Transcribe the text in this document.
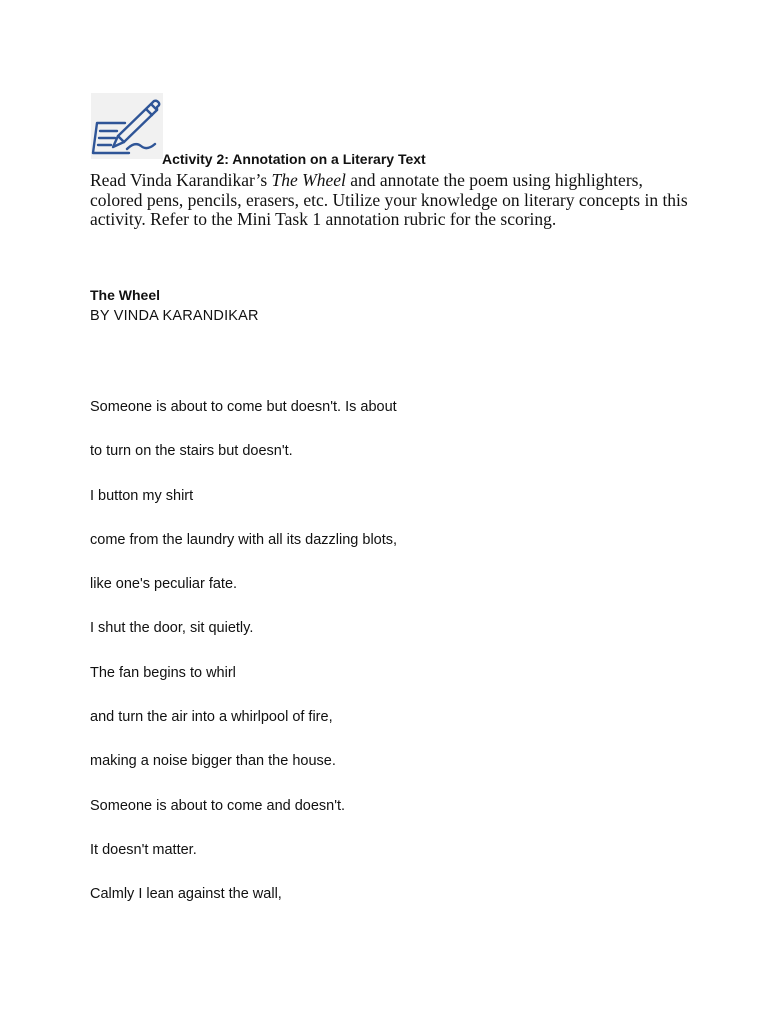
Activity 2: Annotation on a Literary Text
Read Vinda Karandikar’s The Wheel and annotate the poem using highlighters, colored pens, pencils, erasers, etc. Utilize your knowledge on literary concepts in this activity. Refer to the Mini Task 1 annotation rubric for the scoring.
The Wheel
BY VINDA KARANDIKAR
Someone is about to come but doesn't. Is about
to turn on the stairs but doesn't.
I button my shirt
come from the laundry with all its dazzling blots,
like one's peculiar fate.
I shut the door, sit quietly.
The fan begins to whirl
and turn the air into a whirlpool of fire,
making a noise bigger than the house.
Someone is about to come and doesn't.
It doesn't matter.
Calmly I lean against the wall,
